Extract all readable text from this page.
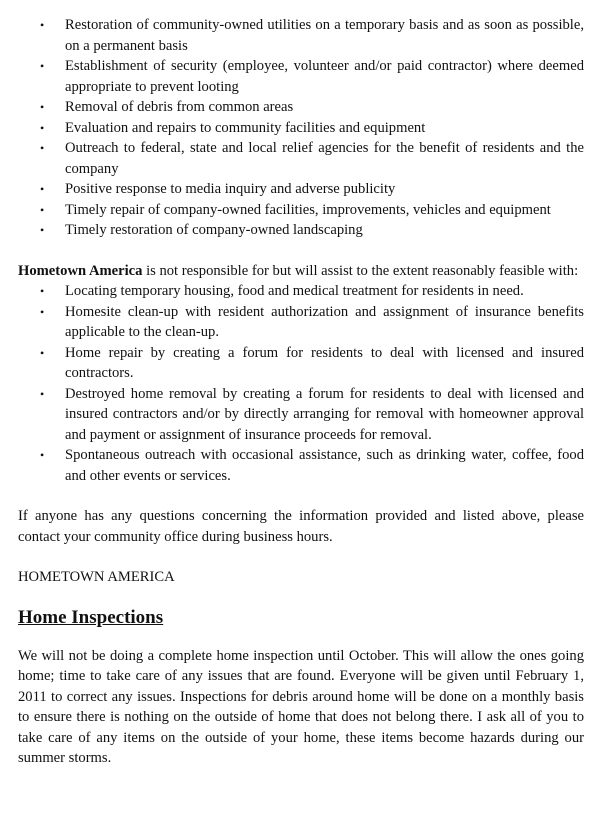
• Restoration of community-owned utilities on a temporary basis and as soon as possible, on a permanent basis
• Establishment of security (employee, volunteer and/or paid contractor) where deemed appropriate to prevent looting
• Removal of debris from common areas
• Evaluation and repairs to community facilities and equipment
• Outreach to federal, state and local relief agencies for the benefit of residents and the company
• Positive response to media inquiry and adverse publicity
• Timely repair of company-owned facilities, improvements, vehicles and equipment
• Timely restoration of company-owned landscaping

Hometown America is not responsible for but will assist to the extent reasonably feasible with:

• Locating temporary housing, food and medical treatment for residents in need.
• Homesite clean-up with resident authorization and assignment of insurance benefits applicable to the clean-up.
• Home repair by creating a forum for residents to deal with licensed and insured contractors.
• Destroyed home removal by creating a forum for residents to deal with licensed and insured contractors and/or by directly arranging for removal with homeowner approval and payment or assignment of insurance proceeds for removal.
• Spontaneous outreach with occasional assistance, such as drinking water, coffee, food and other events or services.

If anyone has any questions concerning the information provided and listed above, please contact your community office during business hours.

HOMETOWN AMERICA

Home Inspections

We will not be doing a complete home inspection until October. This will allow the ones going home; time to take care of any issues that are found. Everyone will be given until February 1, 2011 to correct any issues. Inspections for debris around home will be done on a monthly basis to ensure there is nothing on the outside of home that does not belong there. I ask all of you to take care of any items on the outside of your home, these items become hazards during our summer storms.
